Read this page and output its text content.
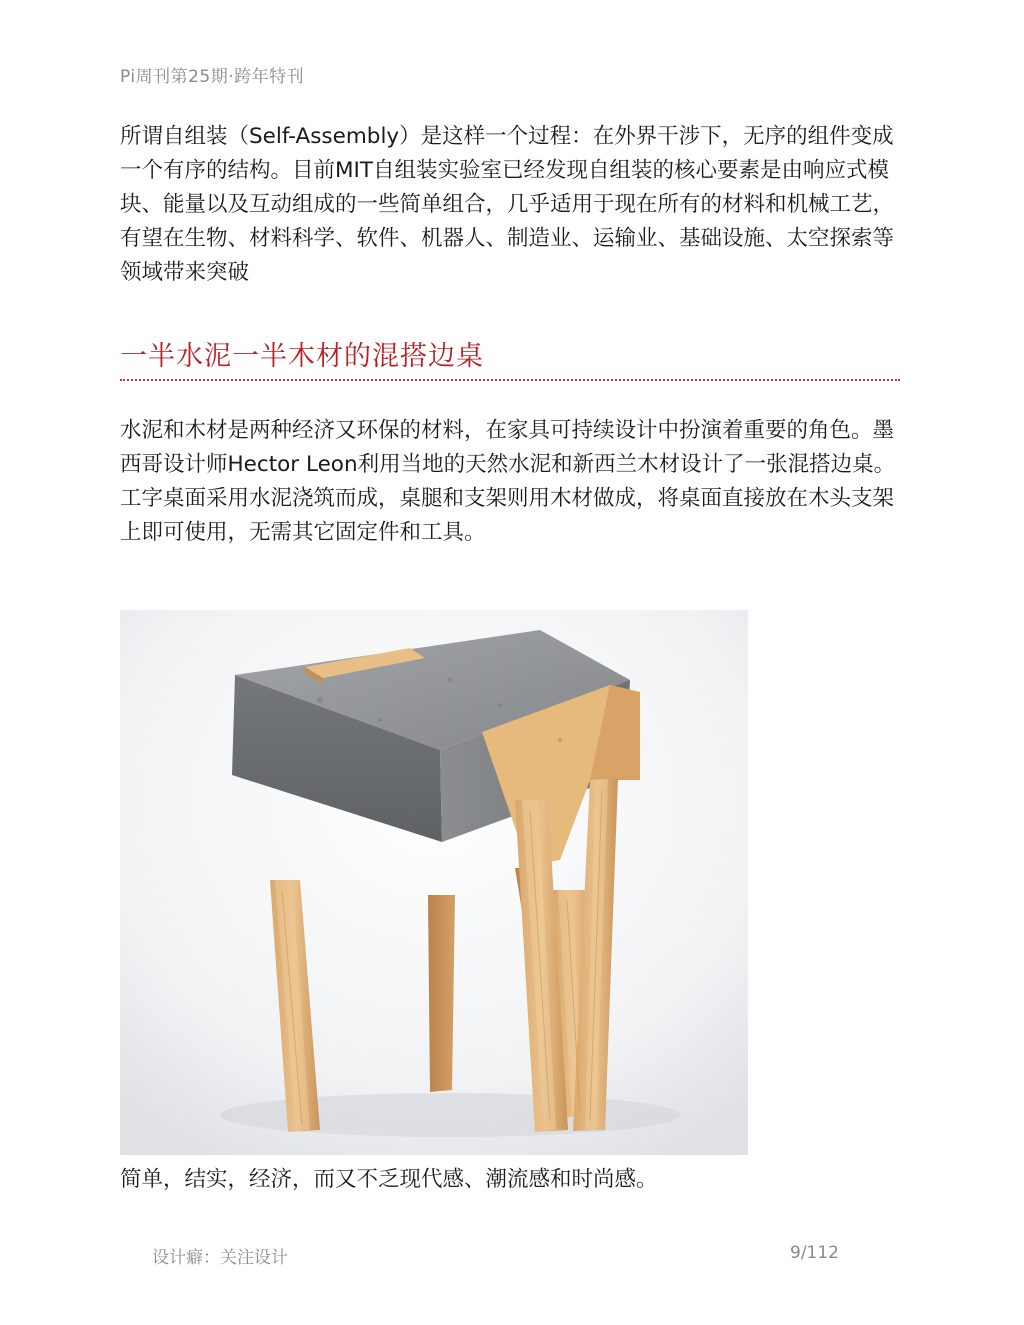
Pi周刊第25期·跨年特刊

所谓自组装（Self-Assembly）是这样一个过程：在外界干涉下，无序的组件变成一个有序的结构。目前MIT自组装实验室已经发现自组装的核心要素是由响应式模块、能量以及互动组成的一些简单组合，几乎适用于现在所有的材料和机械工艺，有望在生物、材料科学、软件、机器人、制造业、运输业、基础设施、太空探索等领域带来突破

一半水泥一半木材的混搭边桌

水泥和木材是两种经济又环保的材料，在家具可持续设计中扮演着重要的角色。墨西哥设计师Hector Leon利用当地的天然水泥和新西兰木材设计了一张混搭边桌。工字桌面采用水泥浇筑而成，桌腿和支架则用木材做成，将桌面直接放在木头支架上即可使用，无需其它固定件和工具。

简单，结实，经济，而又不乏现代感、潮流感和时尚感。
设计癖：关注设计	9/112
